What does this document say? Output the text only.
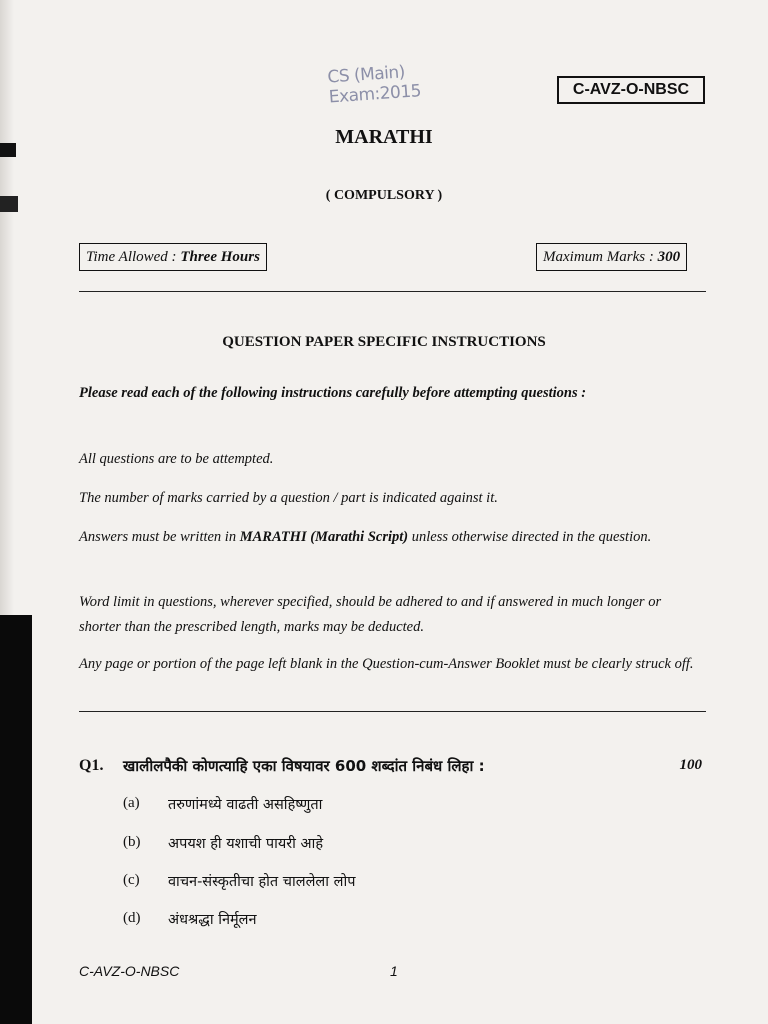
CS (Main) Exam:2015	C-AVZ-O-NBSC
MARATHI
( COMPULSORY )
Time Allowed : Three Hours	Maximum Marks : 300
QUESTION PAPER SPECIFIC INSTRUCTIONS
Please read each of the following instructions carefully before attempting questions :
All questions are to be attempted.
The number of marks carried by a question / part is indicated against it.
Answers must be written in MARATHI (Marathi Script) unless otherwise directed in the question.
Word limit in questions, wherever specified, should be adhered to and if answered in much longer or shorter than the prescribed length, marks may be deducted.
Any page or portion of the page left blank in the Question-cum-Answer Booklet must be clearly struck off.
Q1. खालीलपैकी कोणत्याहि एका विषयावर 600 शब्दांत निबंध लिहा :	100
(a) तरुणांमध्ये वाढती असहिष्णुता
(b) अपयश ही यशाची पायरी आहे
(c) वाचन-संस्कृतीचा होत चाललेला लोप
(d) अंधश्रद्धा निर्मूलन
C-AVZ-O-NBSC	1
